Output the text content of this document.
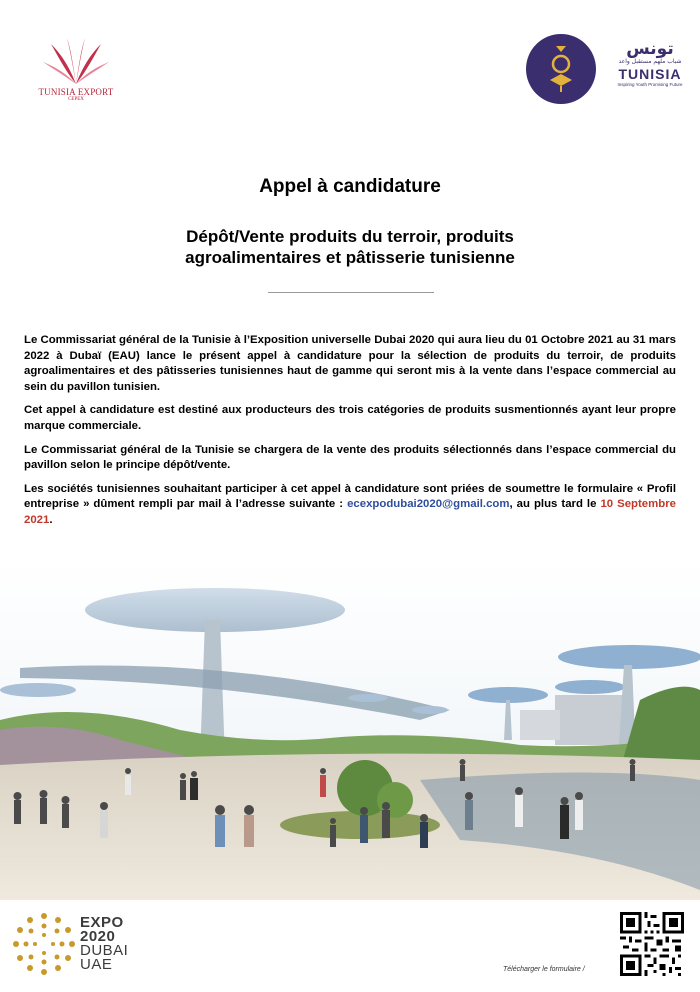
TUNISIA EXPORT
CEPEX
تونس
شباب ملهم مستقبل واعد
TUNISIA
Inspiring Youth Promising Future
Appel à candidature
Dépôt/Vente produits du terroir, produits
agroalimentaires et pâtisserie tunisienne

Le Commissariat général de la Tunisie à l’Exposition universelle Dubai 2020 qui aura lieu du 01 Octobre 2021 au 31 mars 2022 à Dubaï (EAU) lance le présent appel à candidature pour la sélection de produits du terroir, de produits agroalimentaires et des pâtisseries tunisiennes haut de gamme qui seront mis à la vente dans l’espace commercial au sein du pavillon tunisien.

Cet appel à candidature est destiné aux producteurs des trois catégories de produits susmentionnés ayant leur propre marque commerciale.

Le Commissariat général de la Tunisie se chargera de la vente des produits sélectionnés dans l’espace commercial du pavillon selon le principe dépôt/vente.

Les sociétés tunisiennes souhaitant participer à cet appel à candidature sont priées de soumettre le formulaire « Profil entreprise » dûment rempli par mail à l’adresse suivante : ecexpodubai2020@gmail.com, au plus tard le 10 Septembre 2021.

EXPO
2020
DUBAI
UAE	Télécharger le formulaire /
